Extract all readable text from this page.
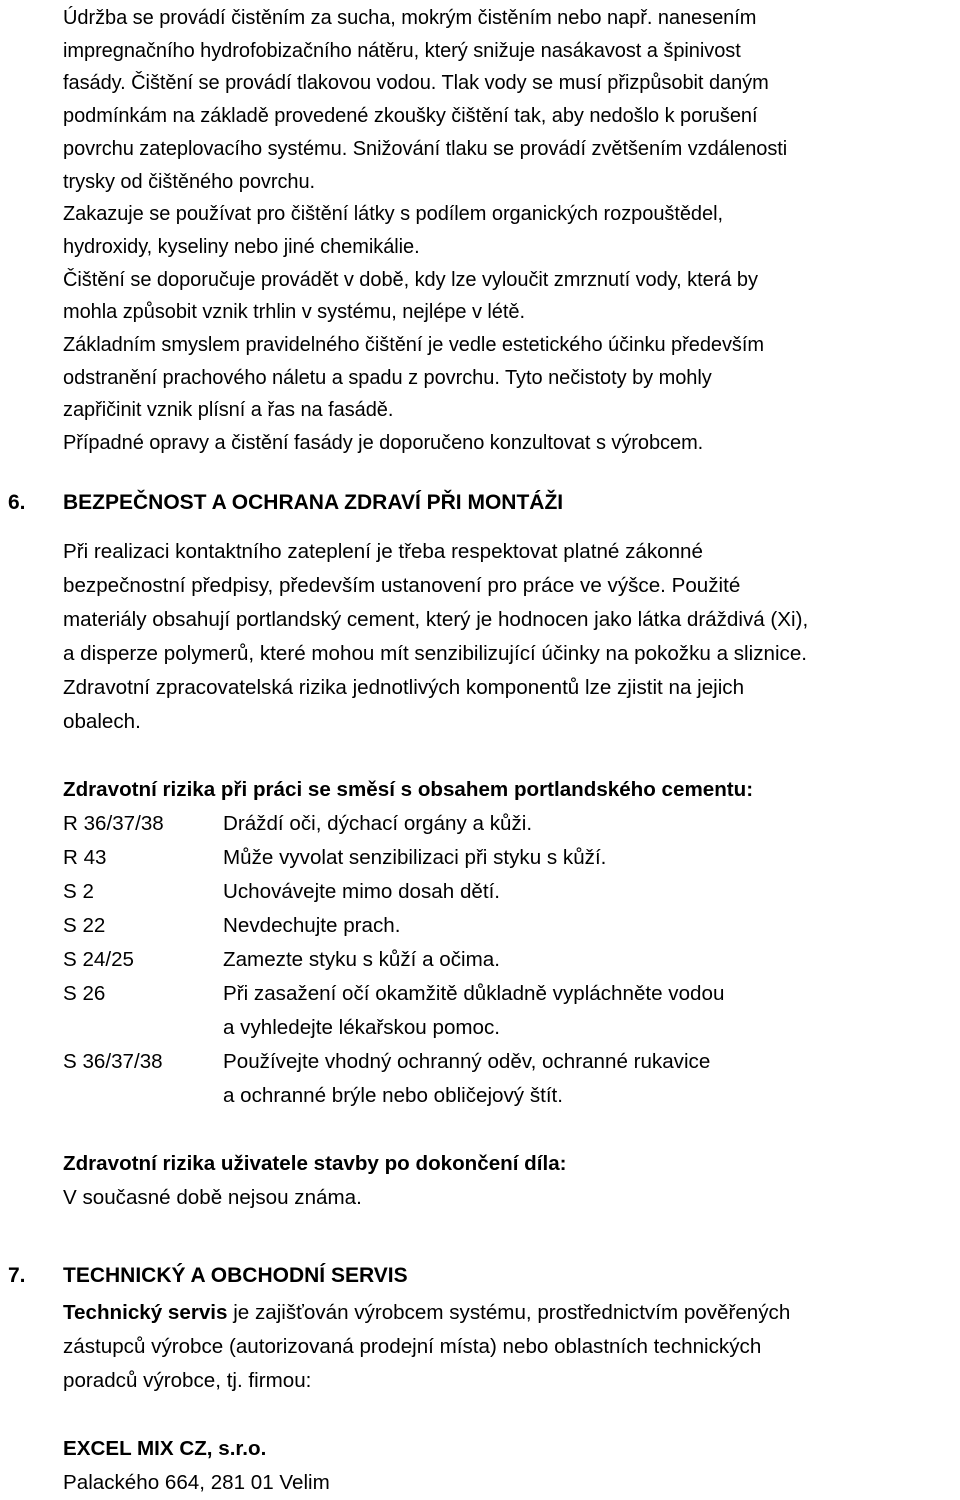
Údržba se provádí čistěním za sucha, mokrým čistěním nebo např. nanesením

impregnačního hydrofobizačního nátěru, který snižuje nasákavost a špinivost

fasády. Čištění se provádí tlakovou vodou. Tlak vody se musí přizpůsobit daným

podmínkám na základě provedené zkoušky čištění tak, aby nedošlo k porušení

povrchu zateplovacího systému. Snižování tlaku se provádí zvětšením vzdálenosti

trysky od čištěného povrchu.

Zakazuje se používat pro čištění látky s podílem organických rozpouštědel,

hydroxidy, kyseliny nebo jiné chemikálie.

Čištění se doporučuje provádět v době, kdy lze vyloučit zmrznutí vody, která by

mohla způsobit vznik trhlin v systému, nejlépe v létě.

Základním smyslem pravidelného čištění je vedle estetického účinku především

odstranění prachového náletu a spadu z povrchu. Tyto nečistoty by mohly

zapřičinit vznik plísní a řas na fasádě.

Případné opravy a čistění fasády je doporučeno konzultovat s výrobcem.

6. BEZPEČNOST A OCHRANA ZDRAVÍ PŘI MONTÁŽI

Při realizaci kontaktního zateplení je třeba respektovat platné zákonné

bezpečnostní předpisy, především ustanovení pro práce ve výšce. Použité

materiály obsahují portlandský cement, který je hodnocen jako látka dráždivá (Xi),

a disperze polymerů, které mohou mít senzibilizující účinky na pokožku a sliznice.

Zdravotní zpracovatelská rizika jednotlivých komponentů lze zjistit na jejich

obalech.

Zdravotní rizika při práci se směsí s obsahem portlandského cementu:
R 36/37/38	Dráždí oči, dýchací orgány a kůži.
R 43	Může vyvolat senzibilizaci při styku s kůží.
S 2	Uchovávejte mimo dosah dětí.
S 22	Nevdechujte prach.
S 24/25	Zamezte styku s kůží a očima.
S 26	Při zasažení očí okamžitě důkladně vypláchněte vodou
a vyhledejte lékařskou pomoc.
S 36/37/38	Používejte vhodný ochranný oděv, ochranné rukavice
a ochranné brýle nebo obličejový štít.
Zdravotní rizika uživatele stavby po dokončení díla:

V současné době nejsou známa.

7. TECHNICKÝ A OBCHODNÍ SERVIS

Technický servis je zajišťován výrobcem systému, prostřednictvím pověřených

zástupců výrobce (autorizovaná prodejní místa) nebo oblastních technických

poradců výrobce, tj. firmou:

EXCEL MIX CZ, s.r.o.

Palackého 664, 281 01 Velim
